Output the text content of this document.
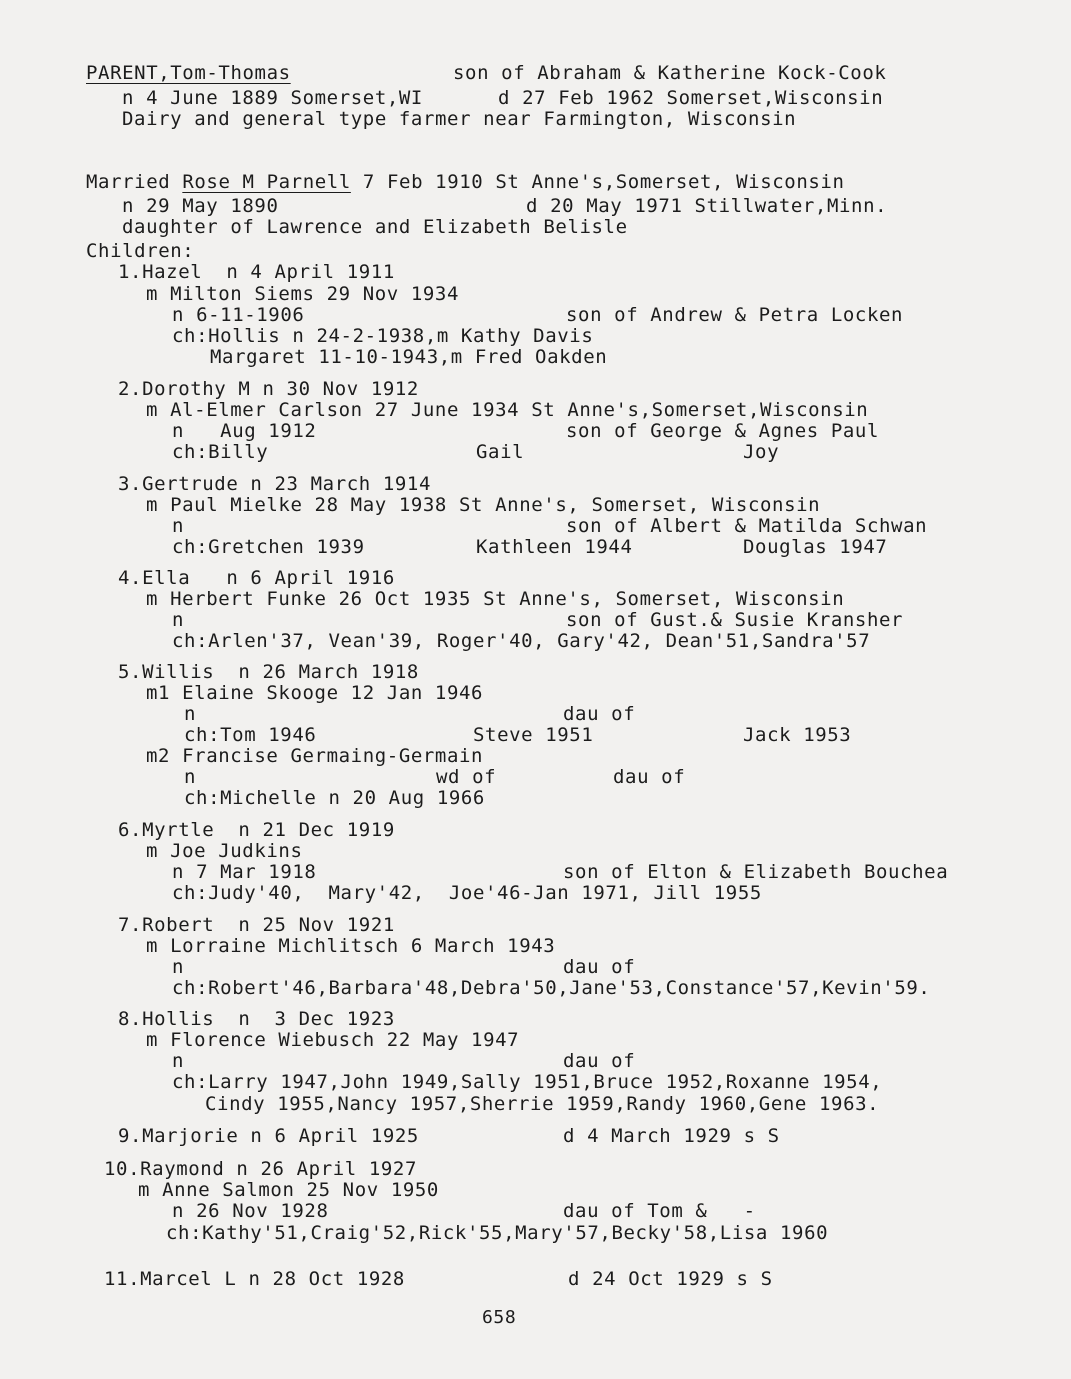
PARENT,Tom-Thomas	son of Abraham & Katherine Kock-Cook
n 4 June 1889 Somerset,WI	d 27 Feb 1962 Somerset,Wisconsin
Dairy and general type farmer near Farmington, Wisconsin
Married Rose M Parnell 7 Feb 1910 St Anne's,Somerset, Wisconsin
n 29 May 1890	d 20 May 1971 Stillwater,Minn.
daughter of Lawrence and Elizabeth Belisle
Children:
1.Hazel  n 4 April 1911
m Milton Siems 29 Nov 1934
n 6-11-1906	son of Andrew & Petra Locken
ch:Hollis n 24-2-1938,m Kathy Davis
Margaret 11-10-1943,m Fred Oakden
2.Dorothy M n 30 Nov 1912
m Al-Elmer Carlson 27 June 1934 St Anne's,Somerset,Wisconsin
n   Aug 1912	son of George & Agnes Paul
ch:Billy	Gail	Joy
3.Gertrude n 23 March 1914
m Paul Mielke 28 May 1938 St Anne's, Somerset, Wisconsin
n	son of Albert & Matilda Schwan
ch:Gretchen 1939	Kathleen 1944	Douglas 1947
4.Ella   n 6 April 1916
m Herbert Funke 26 Oct 1935 St Anne's, Somerset, Wisconsin
n	son of Gust.& Susie Kransher
ch:Arlen'37, Vean'39, Roger'40, Gary'42, Dean'51,Sandra'57
5.Willis  n 26 March 1918
m1 Elaine Skooge 12 Jan 1946
n	dau of
ch:Tom 1946	Steve 1951	Jack 1953
m2 Francise Germaing-Germain
n	wd of	dau of
ch:Michelle n 20 Aug 1966
6.Myrtle  n 21 Dec 1919
m Joe Judkins
n 7 Mar 1918	son of Elton & Elizabeth Bouchea
ch:Judy'40,  Mary'42,  Joe'46-Jan 1971, Jill 1955
7.Robert  n 25 Nov 1921
m Lorraine Michlitsch 6 March 1943
n	dau of
ch:Robert'46,Barbara'48,Debra'50,Jane'53,Constance'57,Kevin'59.
8.Hollis  n  3 Dec 1923
m Florence Wiebusch 22 May 1947
n	dau of
ch:Larry 1947,John 1949,Sally 1951,Bruce 1952,Roxanne 1954,
Cindy 1955,Nancy 1957,Sherrie 1959,Randy 1960,Gene 1963.
9.Marjorie n 6 April 1925	d 4 March 1929 s S
10.Raymond n 26 April 1927
m Anne Salmon 25 Nov 1950
n 26 Nov 1928	dau of Tom &   -
ch:Kathy'51,Craig'52,Rick'55,Mary'57,Becky'58,Lisa 1960
11.Marcel L n 28 Oct 1928	d 24 Oct 1929 s S
658
